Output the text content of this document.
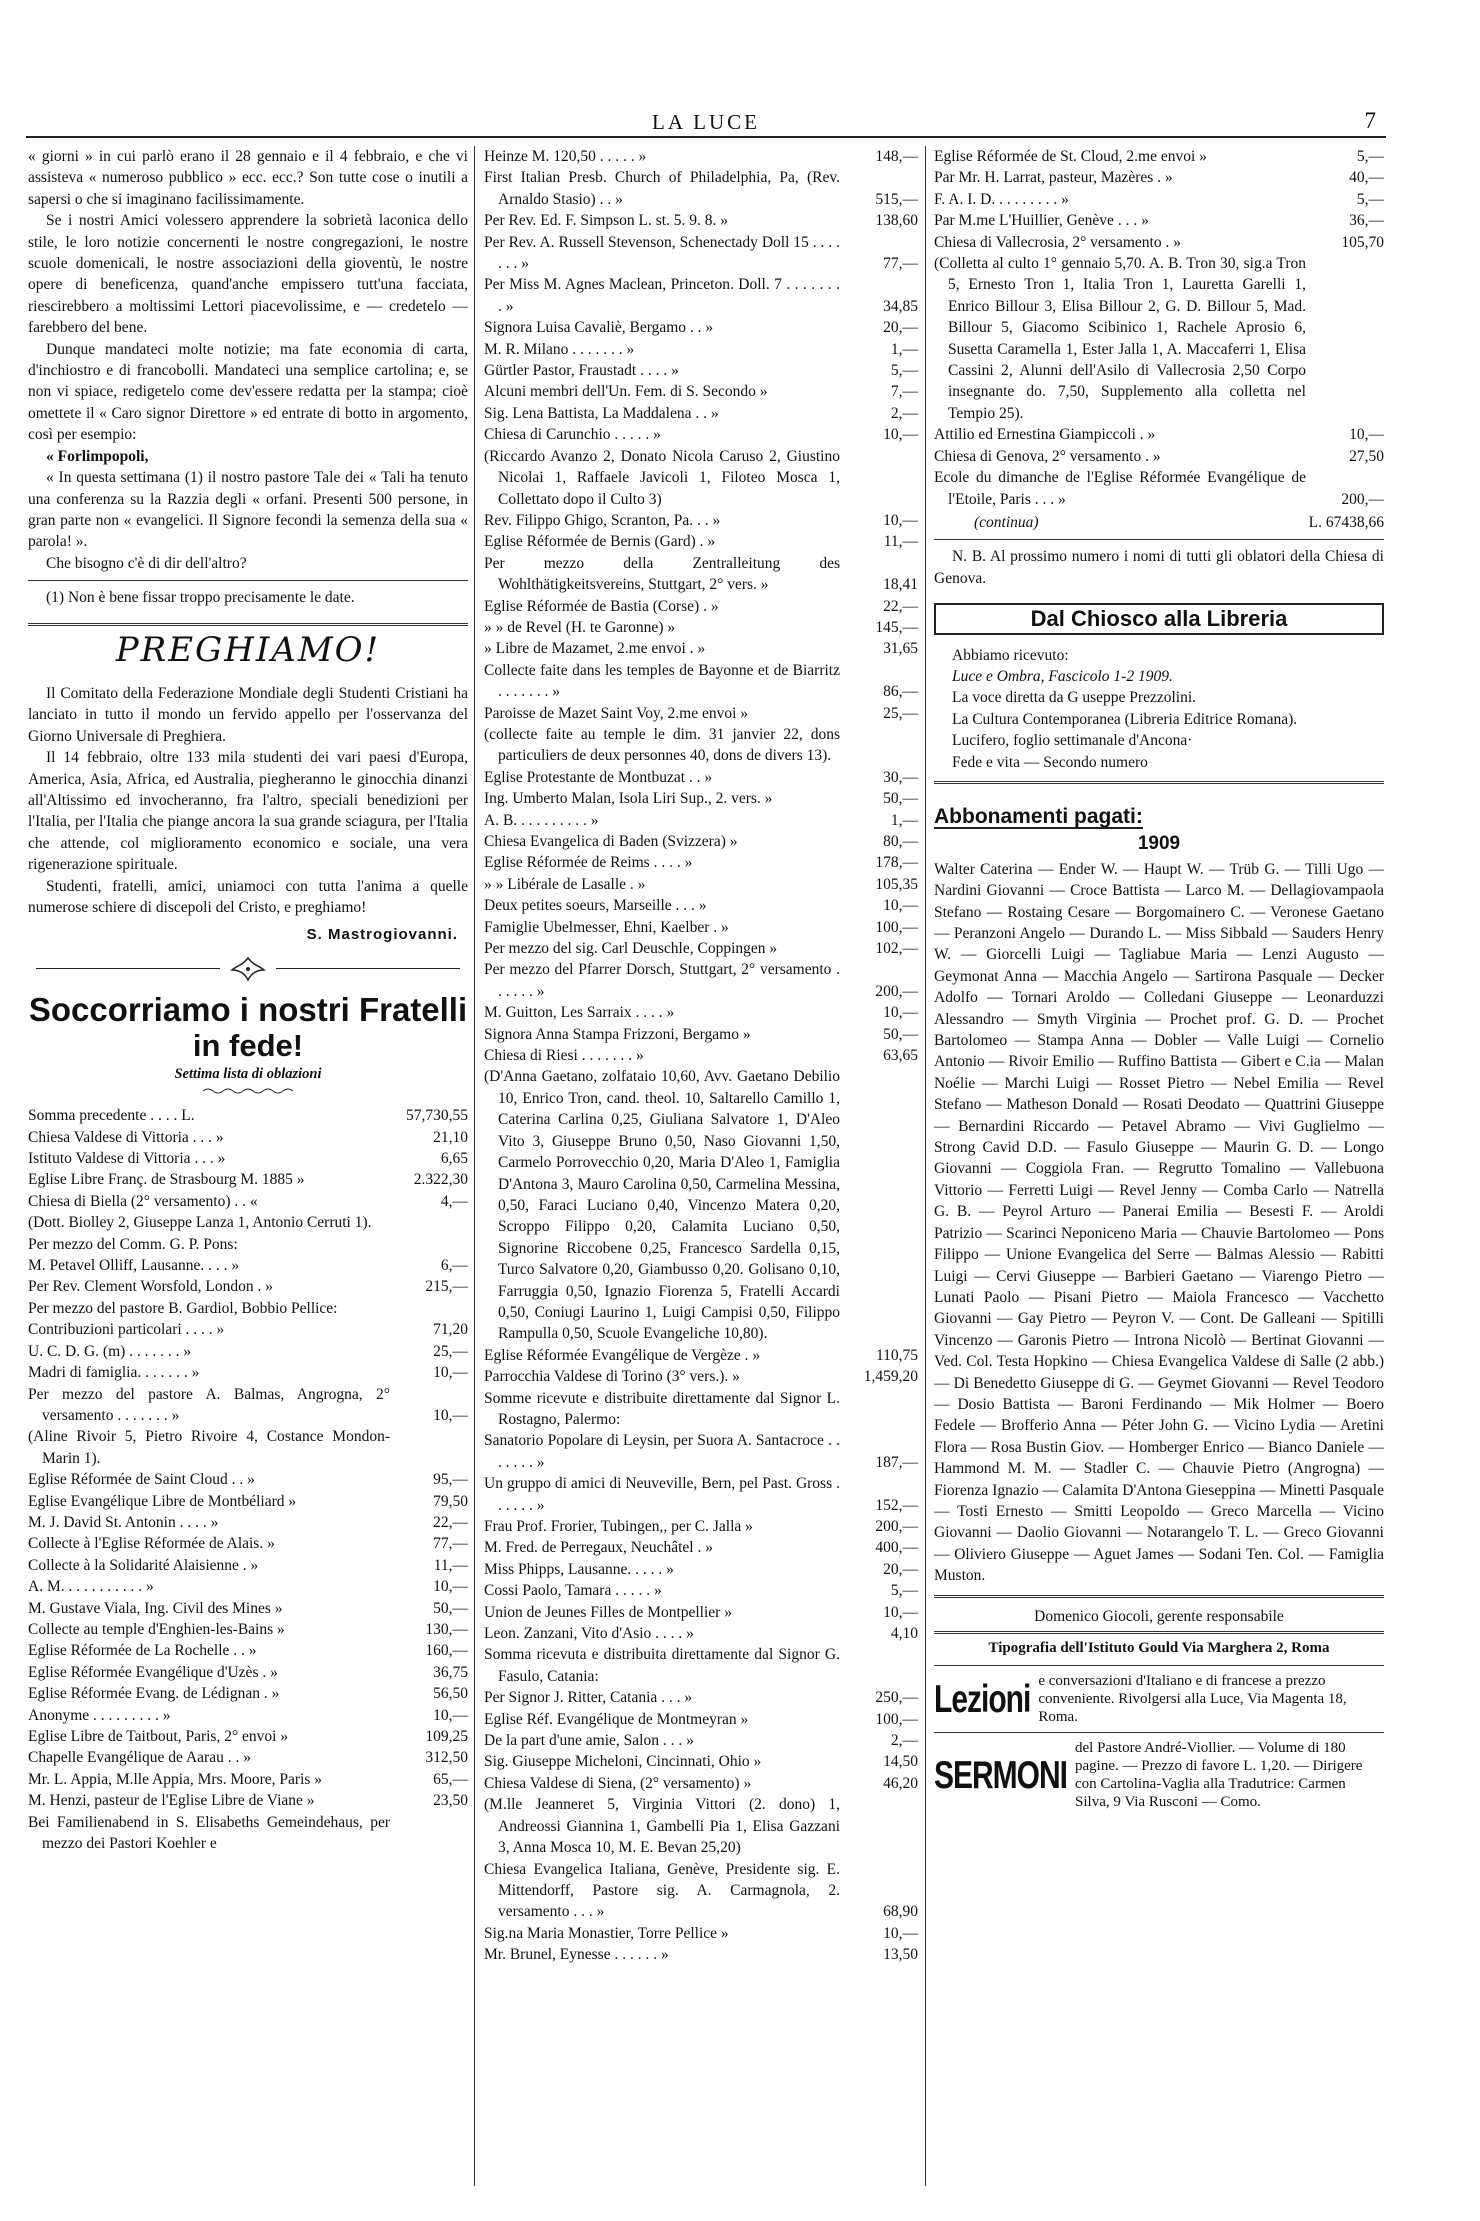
LA LUCE	7

« giorni » in cui parlò erano il 28 gennaio e il 4 febbraio, e che vi assisteva « numeroso pubblico » ecc. ecc.? Son tutte cose o inutili a sapersi o che si imaginano facilissimamente.

Se i nostri Amici volessero apprendere la sobrietà laconica dello stile, le loro notizie concernenti le nostre congregazioni, le nostre scuole domenicali, le nostre associazioni della gioventù, le nostre opere di beneficenza, quand'anche empissero tutt'una facciata, riescirebbero a moltissimi Lettori piacevolissime, e — credetelo — farebbero del bene.

Dunque mandateci molte notizie; ma fate economia di carta, d'inchiostro e di francobolli. Mandateci una semplice cartolina; e, se non vi spiace, redigetelo come dev'essere redatta per la stampa; cioè omettete il « Caro signor Direttore » ed entrate di botto in argomento, così per esempio:

« Forlimpopoli,

« In questa settimana (1) il nostro pastore Tale dei « Tali ha tenuto una conferenza su la Razzia degli « orfani. Presenti 500 persone, in gran parte non « evangelici. Il Signore fecondi la semenza della sua « parola! ».

Che bisogno c'è di dir dell'altro?

(1) Non è bene fissar troppo precisamente le date.

PREGHIAMO!

Il Comitato della Federazione Mondiale degli Studenti Cristiani ha lanciato in tutto il mondo un fervido appello per l'osservanza del Giorno Universale di Preghiera.

Il 14 febbraio, oltre 133 mila studenti dei vari paesi d'Europa, America, Asia, Africa, ed Australia, piegheranno le ginocchia dinanzi all'Altissimo ed invocheranno, fra l'altro, speciali benedizioni per l'Italia, per l'Italia che piange ancora la sua grande sciagura, per l'Italia che attende, col miglioramento economico e sociale, una vera rigenerazione spirituale.

Studenti, fratelli, amici, uniamoci con tutta l'anima a quelle numerose schiere di discepoli del Cristo, e preghiamo!

S. Mastrogiovanni.
Soccorriamo i nostri Fratelli
in fede!
Settima lista di oblazioni
Somma precedente . . . . L.	57,730,55
Chiesa Valdese di Vittoria . . . »	21,10
Istituto Valdese di Vittoria . . . »	6,65
Eglise Libre Franç. de Strasbourg M. 1885 »	2.322,30
Chiesa di Biella (2° versamento) . . «	4,—
(Dott. Biolley 2, Giuseppe Lanza 1, Antonio Cerruti 1).
Per mezzo del Comm. G. P. Pons:
M. Petavel Olliff, Lausanne. . . . »	6,—
Per Rev. Clement Worsfold, London . »	215,—
Per mezzo del pastore B. Gardiol, Bobbio Pellice:
Contribuzioni particolari . . . . »	71,20
U. C. D. G. (m) . . . . . . . »	25,—
Madri di famiglia. . . . . . . »	10,—
Per mezzo del pastore A. Balmas, Angrogna, 2° versamento . . . . . . . »	10,—
(Aline Rivoir 5, Pietro Rivoire 4, Costance Mondon-Marin 1).
Eglise Réformée de Saint Cloud . . »	95,—
Eglise Evangélique Libre de Montbéliard »	79,50
M. J. David St. Antonin . . . . »	22,—
Collecte à l'Eglise Réformée de Alais. »	77,—
Collecte à la Solidarité Alaisienne . »	11,—
A. M. . . . . . . . . . . »	10,—
M. Gustave Viala, Ing. Civil des Mines »	50,—
Collecte au temple d'Enghien-les-Bains »	130,—
Eglise Réformée de La Rochelle . . »	160,—
Eglise Réformée Evangélique d'Uzès . »	36,75
Eglise Réformée Evang. de Lédignan . »	56,50
Anonyme . . . . . . . . . »	10,—
Eglise Libre de Taitbout, Paris, 2° envoi »	109,25
Chapelle Evangélique de Aarau . . »	312,50
Mr. L. Appia, M.lle Appia, Mrs. Moore, Paris »	65,—
M. Henzi, pasteur de l'Eglise Libre de Viane »	23,50
Bei Familienabend in S. Elisabeths Gemeindehaus, per mezzo dei Pastori Koehler e
Heinze M. 120,50 . . . . . »	148,—
First Italian Presb. Church of Philadelphia, Pa, (Rev. Arnaldo Stasio) . . »	515,—
Per Rev. Ed. F. Simpson L. st. 5. 9. 8. »	138,60
Per Rev. A. Russell Stevenson, Schenectady Doll 15 . . . . . . . »	77,—
Per Miss M. Agnes Maclean, Princeton. Doll. 7 . . . . . . . . »	34,85
Signora Luisa Cavaliè, Bergamo . . »	20,—
M. R. Milano . . . . . . . »	1,—
Gürtler Pastor, Fraustadt . . . . »	5,—
Alcuni membri dell'Un. Fem. di S. Secondo »	7,—
Sig. Lena Battista, La Maddalena . . »	2,—
Chiesa di Carunchio . . . . . »	10,—
(Riccardo Avanzo 2, Donato Nicola Caruso 2, Giustino Nicolai 1, Raffaele Javicoli 1, Filoteo Mosca 1, Collettato dopo il Culto 3)
Rev. Filippo Ghigo, Scranton, Pa. . . »	10,—
Eglise Réformée de Bernis (Gard) . »	11,—
Per mezzo della Zentralleitung des Wohlthätigkeitsvereins, Stuttgart, 2° vers. »	18,41
Eglise Réformée de Bastia (Corse) . »	22,—
» » de Revel (H. te Garonne) »	145,—
» Libre de Mazamet, 2.me envoi . »	31,65
Collecte faite dans les temples de Bayonne et de Biarritz . . . . . . . »	86,—
Paroisse de Mazet Saint Voy, 2.me envoi »	25,—
(collecte faite au temple le dim. 31 janvier 22, dons particuliers de deux personnes 40, dons de divers 13).
Eglise Protestante de Montbuzat . . »	30,—
Ing. Umberto Malan, Isola Liri Sup., 2. vers. »	50,—
A. B. . . . . . . . . . »	1,—
Chiesa Evangelica di Baden (Svizzera) »	80,—
Eglise Réformée de Reims . . . . »	178,—
» » Libérale de Lasalle . »	105,35
Deux petites soeurs, Marseille . . . »	10,—
Famiglie Ubelmesser, Ehni, Kaelber . »	100,—
Per mezzo del sig. Carl Deuschle, Coppingen »	102,—
Per mezzo del Pfarrer Dorsch, Stuttgart, 2° versamento . . . . . . »	200,—
M. Guitton, Les Sarraix . . . . »	10,—
Signora Anna Stampa Frizzoni, Bergamo »	50,—
Chiesa di Riesi . . . . . . . »	63,65
(D'Anna Gaetano, zolfataio 10,60, Avv. Gaetano Debilio 10, Enrico Tron, cand. theol. 10, Saltarello Camillo 1, Caterina Carlina 0,25, Giuliana Salvatore 1, D'Aleo Vito 3, Giuseppe Bruno 0,50, Naso Giovanni 1,50, Carmelo Porrovecchio 0,20, Maria D'Aleo 1, Famiglia D'Antona 3, Mauro Carolina 0,50, Carmelina Messina, 0,50, Faraci Luciano 0,40, Vincenzo Matera 0,20, Scroppo Filippo 0,20, Calamita Luciano 0,50, Signorine Riccobene 0,25, Francesco Sardella 0,15, Turco Salvatore 0,20, Giambusso 0,20. Golisano 0,10, Farruggia 0,50, Ignazio Fiorenza 5, Fratelli Accardi 0,50, Coniugi Laurino 1, Luigi Campisi 0,50, Filippo Rampulla 0,50, Scuole Evangeliche 10,80).
Eglise Réformée Evangélique de Vergèze . »	110,75
Parrocchia Valdese di Torino (3° vers.). »	1,459,20
Somme ricevute e distribuite direttamente dal Signor L. Rostagno, Palermo:
Sanatorio Popolare di Leysin, per Suora A. Santacroce . . . . . . . »	187,—
Un gruppo di amici di Neuveville, Bern, pel Past. Gross . . . . . . »	152,—
Frau Prof. Frorier, Tubingen,, per C. Jalla »	200,—
M. Fred. de Perregaux, Neuchâtel . »	400,—
Miss Phipps, Lausanne. . . . . »	20,—
Cossi Paolo, Tamara . . . . . »	5,—
Union de Jeunes Filles de Montpellier »	10,—
Leon. Zanzani, Vito d'Asio . . . . »	4,10
Somma ricevuta e distribuita direttamente dal Signor G. Fasulo, Catania:
Per Signor J. Ritter, Catania . . . »	250,—
Eglise Réf. Evangélique de Montmeyran »	100,—
De la part d'une amie, Salon . . . »	2,—
Sig. Giuseppe Micheloni, Cincinnati, Ohio »	14,50
Chiesa Valdese di Siena, (2° versamento) »	46,20
(M.lle Jeanneret 5, Virginia Vittori (2. dono) 1, Andreossi Giannina 1, Gambelli Pia 1, Elisa Gazzani 3, Anna Mosca 10, M. E. Bevan 25,20)
Chiesa Evangelica Italiana, Genève, Presidente sig. E. Mittendorff, Pastore sig. A. Carmagnola, 2. versamento . . . »	68,90
Sig.na Maria Monastier, Torre Pellice »	10,—
Mr. Brunel, Eynesse . . . . . . »	13,50
Eglise Réformée de St. Cloud, 2.me envoi »	5,—
Par Mr. H. Larrat, pasteur, Mazères . »	40,—
F. A. I. D. . . . . . . . . »	5,—
Par M.me L'Huillier, Genève . . . »	36,—
Chiesa di Vallecrosia, 2° versamento . »	105,70
(Colletta al culto 1° gennaio 5,70. A. B. Tron 30, sig.a Tron 5, Ernesto Tron 1, Italia Tron 1, Lauretta Garelli 1, Enrico Billour 3, Elisa Billour 2, G. D. Billour 5, Mad. Billour 5, Giacomo Scibinico 1, Rachele Aprosio 6, Susetta Caramella 1, Ester Jalla 1, A. Maccaferri 1, Elisa Cassini 2, Alunni dell'Asilo di Vallecrosia 2,50 Corpo insegnante do. 7,50, Supplemento alla colletta nel Tempio 25).
Attilio ed Ernestina Giampiccoli . »	10,—
Chiesa di Genova, 2° versamento . »	27,50
Ecole du dimanche de l'Eglise Réformée Evangélique de l'Etoile, Paris . . . »	200,—
(continua)	L. 67438,66

N. B. Al prossimo numero i nomi di tutti gli oblatori della Chiesa di Genova.

Dal Chiosco alla Libreria

Abbiamo ricevuto:

Luce e Ombra, Fascicolo 1-2 1909.

La voce diretta da G useppe Prezzolini.

La Cultura Contemporanea (Libreria Editrice Romana).

Lucifero, foglio settimanale d'Ancona·

Fede e vita — Secondo numero

Abbonamenti pagati:
1909

Walter Caterina — Ender W. — Haupt W. — Trüb G. — Tilli Ugo — Nardini Giovanni — Croce Battista — Larco M. — Dellagiovampaola Stefano — Rostaing Cesare — Borgomainero C. — Veronese Gaetano — Peranzoni Angelo — Durando L. — Miss Sibbald — Sauders Henry W. — Giorcelli Luigi — Tagliabue Maria — Lenzi Augusto — Geymonat Anna — Macchia Angelo — Sartirona Pasquale — Decker Adolfo — Tornari Aroldo — Colledani Giuseppe — Leonarduzzi Alessandro — Smyth Virginia — Prochet prof. G. D. — Prochet Bartolomeo — Stampa Anna — Dobler — Valle Luigi — Cornelio Antonio — Rivoir Emilio — Ruffino Battista — Gibert e C.ia — Malan Noélie — Marchi Luigi — Rosset Pietro — Nebel Emilia — Revel Stefano — Matheson Donald — Rosati Deodato — Quattrini Giuseppe — Bernardini Riccardo — Petavel Abramo — Vivi Guglielmo — Strong Cavid D.D. — Fasulo Giuseppe — Maurin G. D. — Longo Giovanni — Coggiola Fran. — Regrutto Tomalino — Vallebuona Vittorio — Ferretti Luigi — Revel Jenny — Comba Carlo — Natrella G. B. — Peyrol Arturo — Panerai Emilia — Besesti F. — Aroldi Patrizio — Scarinci Neponiceno Maria — Chauvie Bartolomeo — Pons Filippo — Unione Evangelica del Serre — Balmas Alessio — Rabitti Luigi — Cervi Giuseppe — Barbieri Gaetano — Viarengo Pietro — Lunati Paolo — Pisani Pietro — Maiola Francesco — Vacchetto Giovanni — Gay Pietro — Peyron V. — Cont. De Galleani — Spitilli Vincenzo — Garonis Pietro — Introna Nicolò — Bertinat Giovanni — Ved. Col. Testa Hopkino — Chiesa Evangelica Valdese di Salle (2 abb.) — Di Benedetto Giuseppe di G. — Geymet Giovanni — Revel Teodoro — Dosio Battista — Baroni Ferdinando — Mik Holmer — Boero Fedele — Brofferio Anna — Péter John G. — Vicino Lydia — Aretini Flora — Rosa Bustin Giov. — Homberger Enrico — Bianco Daniele — Hammond M. M. — Stadler C. — Chauvie Pietro (Angrogna) — Fiorenza Ignazio — Calamita D'Antona Gieseppina — Minetti Pasquale — Tosti Ernesto — Smitti Leopoldo — Greco Marcella — Vicino Giovanni — Daolio Giovanni — Notarangelo T. L. — Greco Giovanni — Oliviero Giuseppe — Aguet James — Sodani Ten. Col. — Famiglia Muston.

Domenico Giocoli, gerente responsabile
Tipografia dell'Istituto Gould Via Marghera 2, Roma
Lezioni e conversazioni d'Italiano e di francese a prezzo conveniente. Rivolgersi alla Luce, Via Magenta 18, Roma.
SERMONI
del Pastore André-Viollier. — Volume di 180 pagine. — Prezzo di favore L. 1,20. — Dirigere con Cartolina-Vaglia alla Tradutrice: Carmen Silva, 9 Via Rusconi — Como.
